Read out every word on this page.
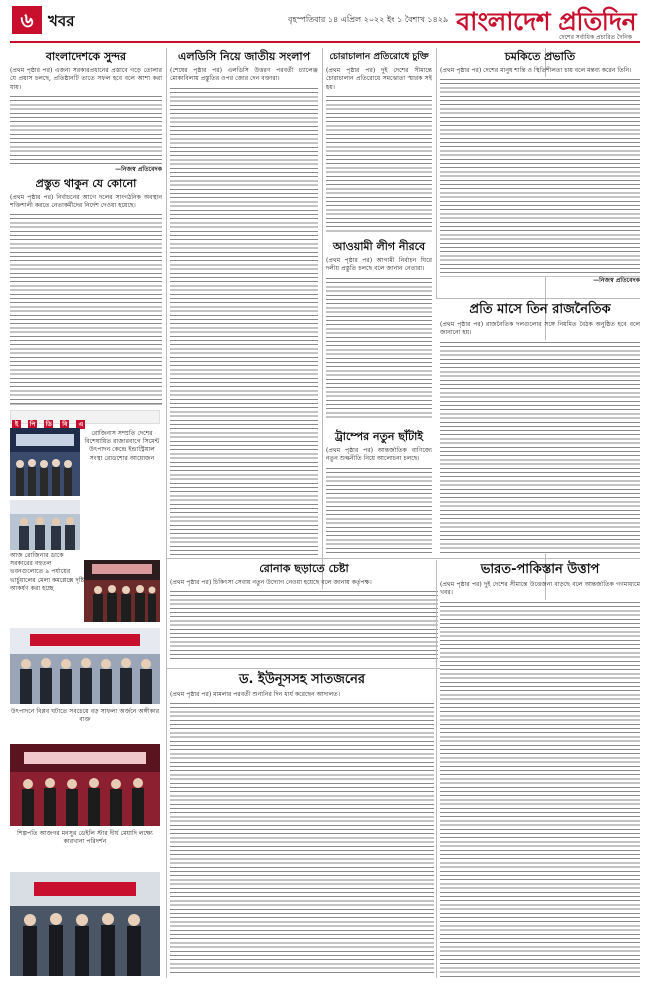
৬ খবর	বৃহস্পতিবার ১৪ এপ্রিল ২০২২ ইং ১ বৈশাখ ১৪২৯ বাংলাদেশ প্রতিদিন
দেশের সর্বাধিক প্রচারিত দৈনিক
বাংলাদেশকে সুন্দর

(প্রথম পৃষ্ঠার পর) এজন্য সরকারপ্রধানের প্রস্তাবে গড়ে তোলার যে প্রয়াস চলছে, প্রতিষ্ঠানটি তাতে সফল হবে বলে আশা করা যায়।

—নিজস্ব প্রতিবেদক

প্রস্তুত থাকুন যে কোনো

(প্রথম পৃষ্ঠার পর) নির্বাচনের আগে দলের সাংগঠনিক অবস্থান শক্তিশালী করতে নেতাকর্মীদের নির্দেশ দেওয়া হয়েছে।

এলডিসি নিয়ে জাতীয় সংলাপ

(শেষের পৃষ্ঠার পর) এলডিসি উত্তরণ পরবর্তী চ্যালেঞ্জ মোকাবিলায় প্রস্তুতির ওপর জোর দেন বক্তারা।

চোরাচালান প্রতিরোধে চুক্তি

(প্রথম পৃষ্ঠার পর) দুই দেশের সীমান্তে চোরাচালান প্রতিরোধে সমঝোতা স্মারক সই হয়।

আওয়ামী লীগ নীরবে

(প্রথম পৃষ্ঠার পর) আগামী নির্বাচন ঘিরে দলীয় প্রস্তুতি চলছে বলে জানান নেতারা।

ট্রাম্পের নতুন ছাঁটাই

(প্রথম পৃষ্ঠার পর) আন্তর্জাতিক বাণিজ্যে নতুন শুল্কনীতি নিয়ে আলোচনা চলছে।

চমকিতে প্রভাতি

(প্রথম পৃষ্ঠার পর) দেশের মানুষ শান্তি ও স্থিতিশীলতা চায় বলে মন্তব্য করেন তিনি।

—নিজস্ব প্রতিবেদক

প্রতি মাসে তিন রাজনৈতিক

(প্রথম পৃষ্ঠার পর) রাজনৈতিক দলগুলোর সঙ্গে নিয়মিত বৈঠক অনুষ্ঠিত হবে বলে জানানো হয়।

রোনাক ছড়াতে চেষ্টা

(প্রথম পৃষ্ঠার পর) চিকিৎসা সেবায় নতুন উদ্যোগ নেওয়া হয়েছে বলে জানায় কর্তৃপক্ষ।

ভারত-পাকিস্তান উত্তাপ

(প্রথম পৃষ্ঠার পর) দুই দেশের সীমান্তে উত্তেজনা বাড়ছে বলে আন্তর্জাতিক গণমাধ্যমে খবর।

ড. ইউনূসসহ সাতজনের

(প্রথম পৃষ্ঠার পর) মামলার পরবর্তী শুনানির দিন ধার্য করেছেন আদালত।

ই পি ডি বি এ
রোজিনাস সম্প্রতি দেশের বিশেষায়িত রাজারবাগে সিমেন্ট উৎপাদন কেন্দ্রে ইন্ডাস্ট্রিয়াল সংস্থা রোডশোর আয়োজন
আজ রোজিনার ডাকে সরকারের বহুতল ভবনগুলোতে ৯ পর্যায়ের ভার্চুয়ালের মেলা কমপ্লেক্সে দৃষ্টি আকর্ষণ করা হচ্ছে
উৎপাদনে বিপ্লব ঘটাতে সবচেয়ে বড় সাফল্য অর্জনে অঙ্গীকার ব্যক্ত
শিল্পপতি আজগর মনসুর ডেইলি স্টার দীর্ঘ মেয়াদি লক্ষ্যে কারখানা পরিদর্শন
